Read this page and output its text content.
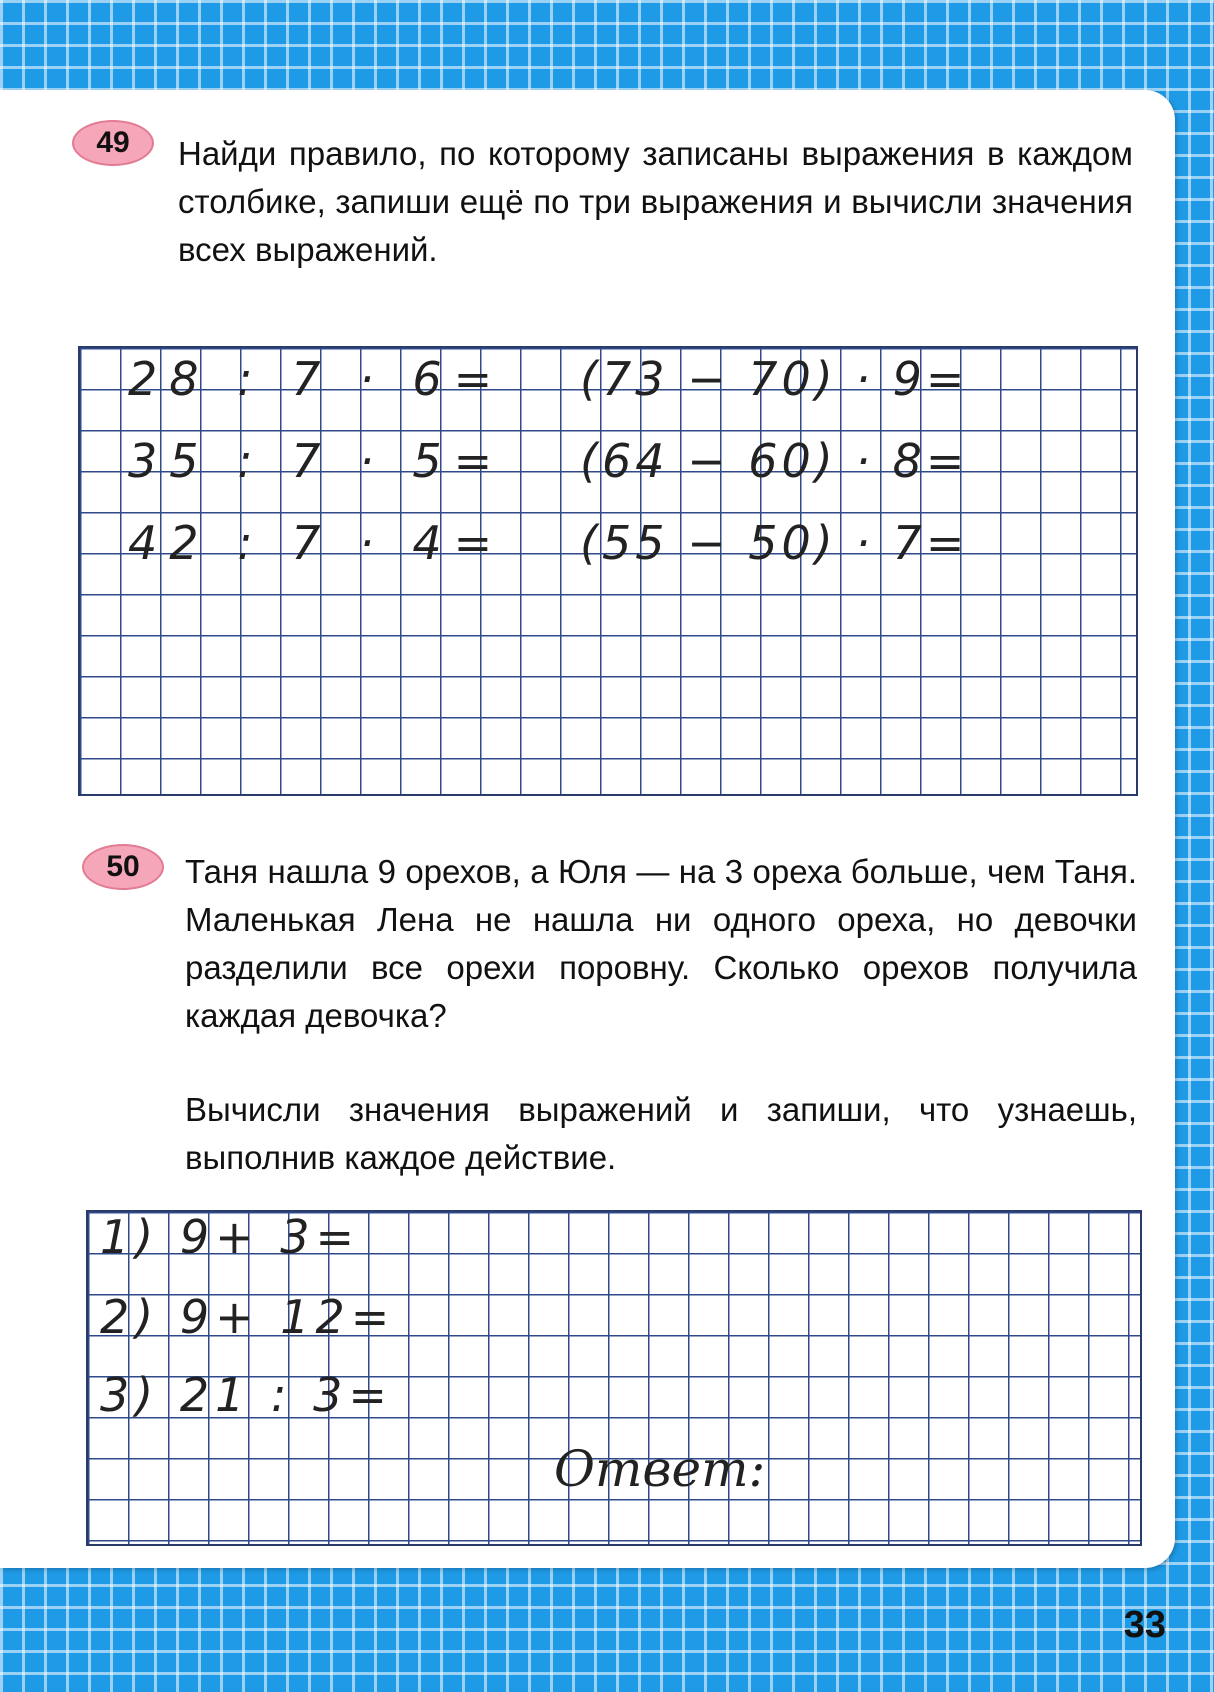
49 Найди правило, по которому записаны выражения в каждом столбике, запиши ещё по три выражения и вычисли значения всех выражений.
28 : 7 · 6=
35 : 7 · 5=
42 : 7 · 4=
(73 − 70) · 9=
(64 − 60) · 8=
(55 − 50) · 7=
50 Таня нашла 9 орехов, а Юля — на 3 ореха больше, чем Таня. Маленькая Лена не нашла ни одного ореха, но девочки разделили все орехи поровну. Сколько орехов получила каждая девочка?
Вычисли значения выражений и запиши, что узнаешь, выполнив каждое действие.
1) 9+ 3=
2) 9+ 12=
3) 21 : 3=
Ответ:
33
